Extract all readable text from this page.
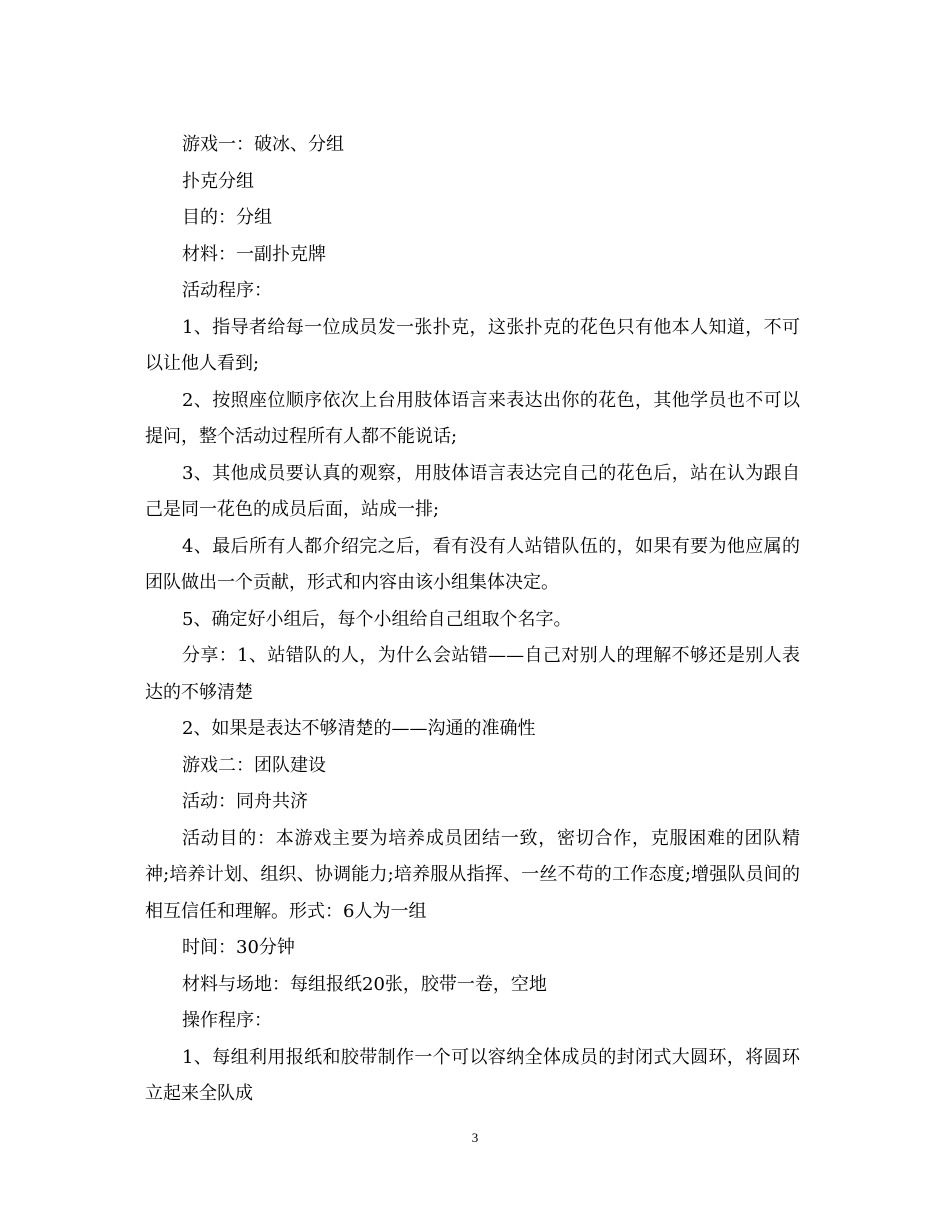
游戏一：破冰、分组

扑克分组

目的：分组

材料：一副扑克牌

活动程序：

1、指导者给每一位成员发一张扑克，这张扑克的花色只有他本人知道，不可以让他人看到;

2、按照座位顺序依次上台用肢体语言来表达出你的花色，其他学员也不可以提问，整个活动过程所有人都不能说话;

3、其他成员要认真的观察，用肢体语言表达完自己的花色后，站在认为跟自己是同一花色的成员后面，站成一排;

4、最后所有人都介绍完之后，看有没有人站错队伍的，如果有要为他应属的团队做出一个贡献，形式和内容由该小组集体决定。

5、确定好小组后，每个小组给自己组取个名字。

分享：1、站错队的人，为什么会站错——自己对别人的理解不够还是别人表达的不够清楚

2、如果是表达不够清楚的——沟通的准确性

游戏二：团队建设

活动：同舟共济

活动目的：本游戏主要为培养成员团结一致，密切合作，克服困难的团队精神;培养计划、组织、协调能力;培养服从指挥、一丝不苟的工作态度;增强队员间的相互信任和理解。形式：6人为一组

时间：30分钟

材料与场地：每组报纸20张，胶带一卷，空地

操作程序：

1、每组利用报纸和胶带制作一个可以容纳全体成员的封闭式大圆环，将圆环立起来全队成

3
